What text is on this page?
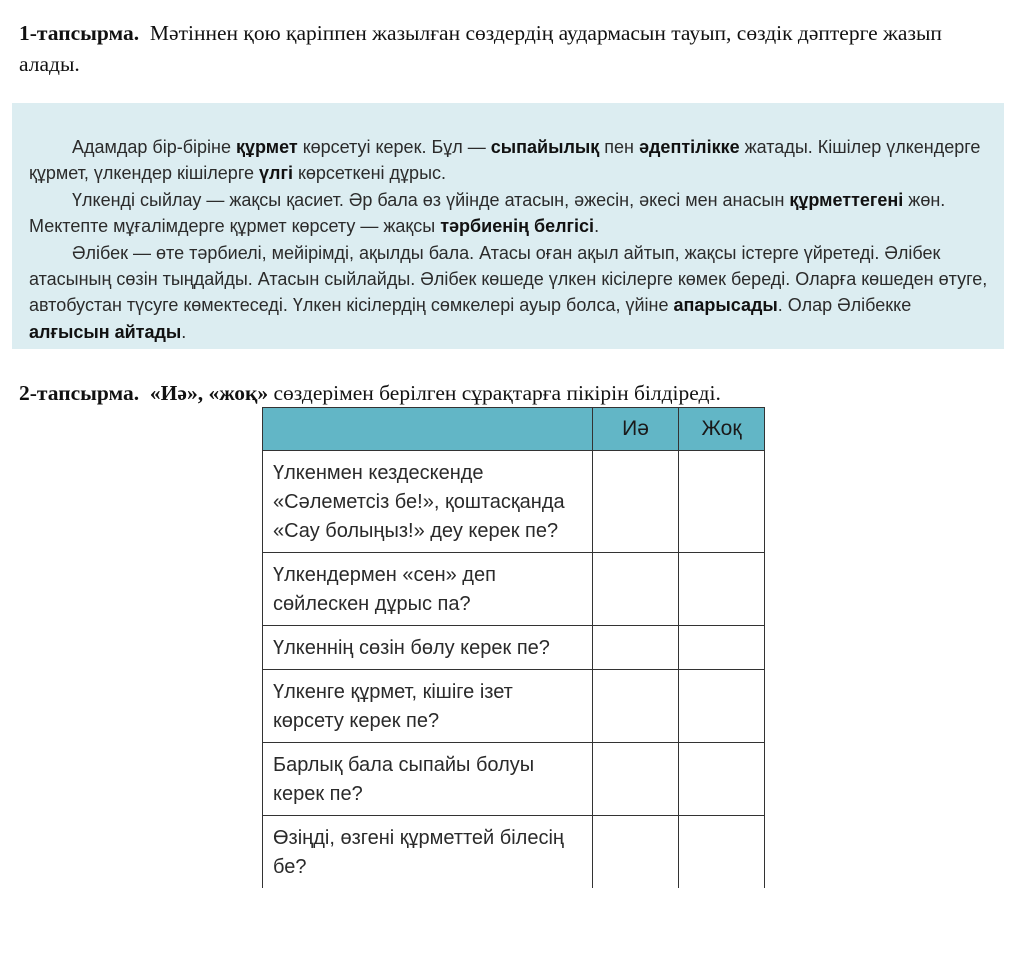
1-тапсырма. Мәтіннен қою қаріппен жазылған сөздердің аудармасын тауып, сөздік дәптерге жазып алады.

Адамдар бір-біріне құрмет көрсетуі керек. Бұл — сыпайылық пен әдептілікке жатады. Кішілер үлкендерге құрмет, үлкендер кішілерге үлгі көрсеткені дұрыс.

Үлкенді сыйлау — жақсы қасиет. Әр бала өз үйінде атасын, әжесін, әкесі мен анасын құрметтегені жөн. Мектепте мұғалімдерге құрмет көрсету — жақсы тәрбиенің белгісі.

Әлібек — өте тәрбиелі, мейірімді, ақылды бала. Атасы оған ақыл айтып, жақсы істерге үйретеді. Әлібек атасының сөзін тыңдайды. Атасын сыйлайды. Әлібек көшеде үлкен кісілерге көмек береді. Оларға көшеден өтуге, автобустан түсуге көмектеседі. Үлкен кісілердің сөмкелері ауыр болса, үйіне апарысады. Олар Әлібекке алғысын айтады.

2-тапсырма. «Иә», «жоқ» сөздерімен берілген сұрақтарға пікірін білдіреді.
	Иә	Жоқ
Үлкенмен кездескенде «Сәлеметсіз бе!», қоштасқанда «Сау болыңыз!» деу керек пе?		
Үлкендермен «сен» деп сөйлескен дұрыс па?		
Үлкеннің сөзін бөлу керек пе?		
Үлкенге құрмет, кішіге ізет көрсету керек пе?		
Барлық бала сыпайы болуы керек пе?		
Өзіңді, өзгені құрметтей білесің бе?		
